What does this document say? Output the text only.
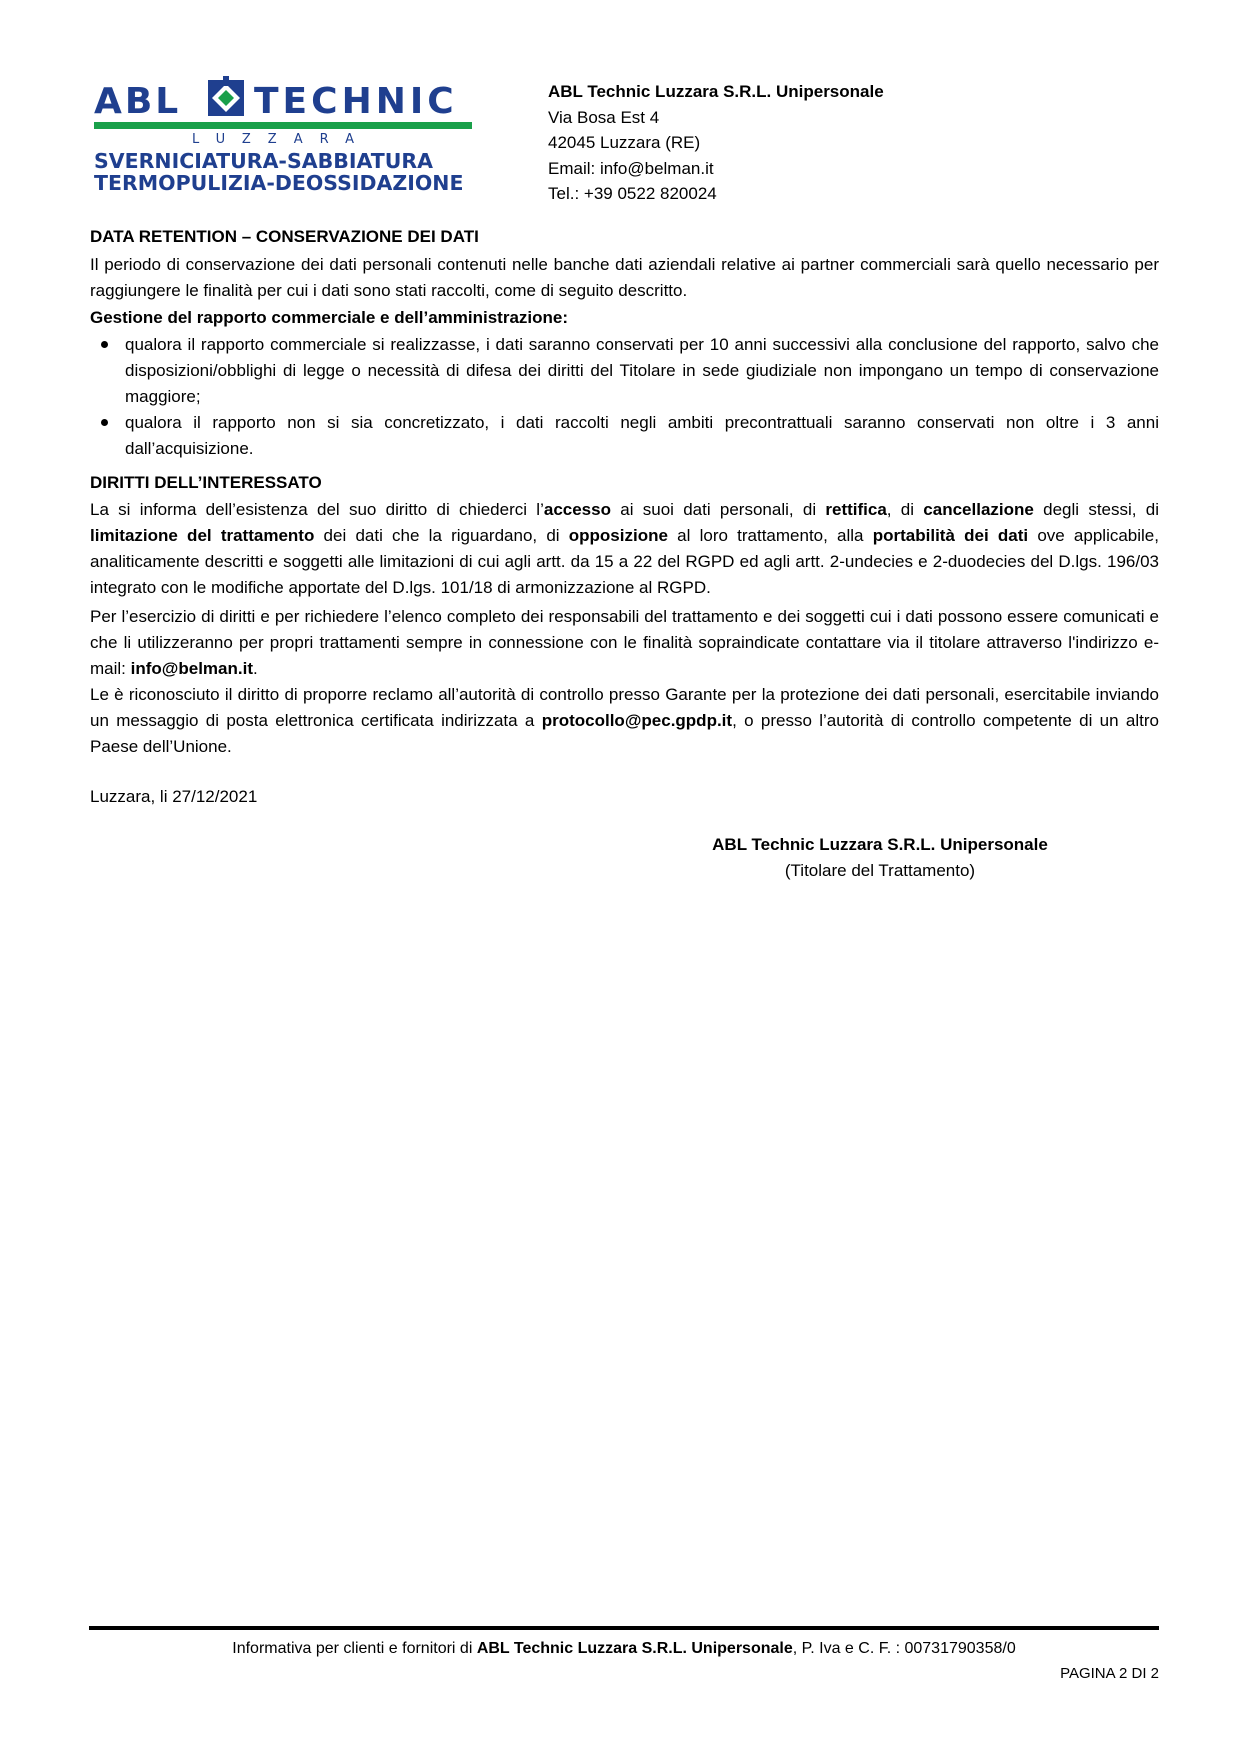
ABL TECHNIC
LUZZARA
SVERNICIATURA-SABBIATURA
TERMOPULIZIA-DEOSSIDAZIONE
ABL Technic Luzzara S.R.L. Unipersonale
Via Bosa Est 4
42045 Luzzara (RE)
Email: info@belman.it
Tel.: +39 0522 820024
DATA RETENTION – CONSERVAZIONE DEI DATI
Il periodo di conservazione dei dati personali contenuti nelle banche dati aziendali relative ai partner commerciali sarà quello necessario per raggiungere le finalità per cui i dati sono stati raccolti, come di seguito descritto.
Gestione del rapporto commerciale e dell’amministrazione:
qualora il rapporto commerciale si realizzasse, i dati saranno conservati per 10 anni successivi alla conclusione del rapporto, salvo che disposizioni/obblighi di legge o necessità di difesa dei diritti del Titolare in sede giudiziale non impongano un tempo di conservazione maggiore;
qualora il rapporto non si sia concretizzato, i dati raccolti negli ambiti precontrattuali saranno conservati non oltre i 3 anni dall’acquisizione.
DIRITTI DELL’INTERESSATO
La si informa dell’esistenza del suo diritto di chiederci l’accesso ai suoi dati personali, di rettifica, di cancellazione degli stessi, di limitazione del trattamento dei dati che la riguardano, di opposizione al loro trattamento, alla portabilità dei dati ove applicabile, analiticamente descritti e soggetti alle limitazioni di cui agli artt. da 15 a 22 del RGPD ed agli artt. 2-undecies e 2-duodecies del D.lgs. 196/03 integrato con le modifiche apportate del D.lgs. 101/18 di armonizzazione al RGPD.
Per l’esercizio di diritti e per richiedere l’elenco completo dei responsabili del trattamento e dei soggetti cui i dati possono essere comunicati e che li utilizzeranno per propri trattamenti sempre in connessione con le finalità sopraindicate contattare via il titolare attraverso l'indirizzo e-mail: info@belman.it.
Le è riconosciuto il diritto di proporre reclamo all’autorità di controllo presso Garante per la protezione dei dati personali, esercitabile inviando un messaggio di posta elettronica certificata indirizzata a protocollo@pec.gpdp.it, o presso l’autorità di controllo competente di un altro Paese dell’Unione.
Luzzara, li 27/12/2021
ABL Technic Luzzara S.R.L. Unipersonale
(Titolare del Trattamento)
Informativa per clienti e fornitori di ABL Technic Luzzara S.R.L. Unipersonale, P. Iva e C. F. : 00731790358/0
PAGINA 2 DI 2
